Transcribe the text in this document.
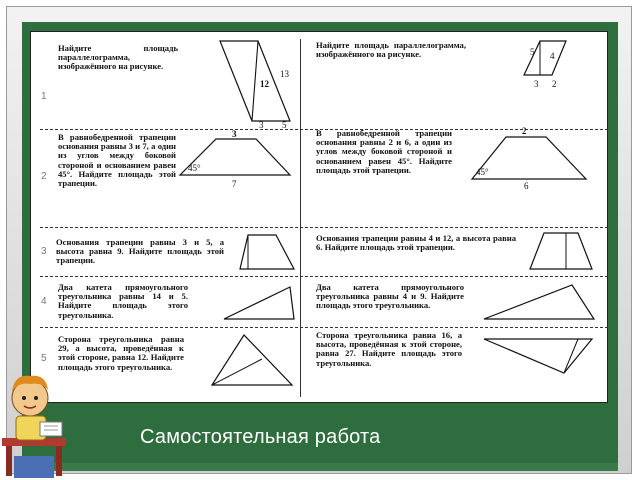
1
2
3
4
5
Найдите площадь параллелограмма, изображённого на рисунке.
12
13
3 5
Найдите площадь параллелограмма, изображённого на рисунке.	5 4
3 2
В равнобедренной трапеции основания равны 3 и 7, а один из углов между боковой стороной и основанием равен 45°. Найдите площадь этой трапеции.
3
45°
7
В равнобедренной трапеции основания равны 2 и 6, а один из углов между боковой стороной и основанием равен 45°. Найдите площадь этой трапеции.
2
45°
6
Основания трапеции равны 3 и 5, а высота равна 9. Найдите площадь этой трапеции.
Основания трапеции равны 4 и 12, а высота равна 6. Найдите площадь этой трапеции.
Два катета прямоугольного треугольника равны 14 и 5. Найдите площадь этого треугольника.
Два катета прямоугольного треугольника равны 4 и 9. Найдите площадь этого треугольника.
Сторона треугольника равна 29, а высота, проведённая к этой стороне, равна 12. Найдите площадь этого треугольника.
Сторона треугольника равна 16, а высота, проведённая к этой стороне, равна 27. Найдите площадь этого треугольника.
Самостоятельная работа
